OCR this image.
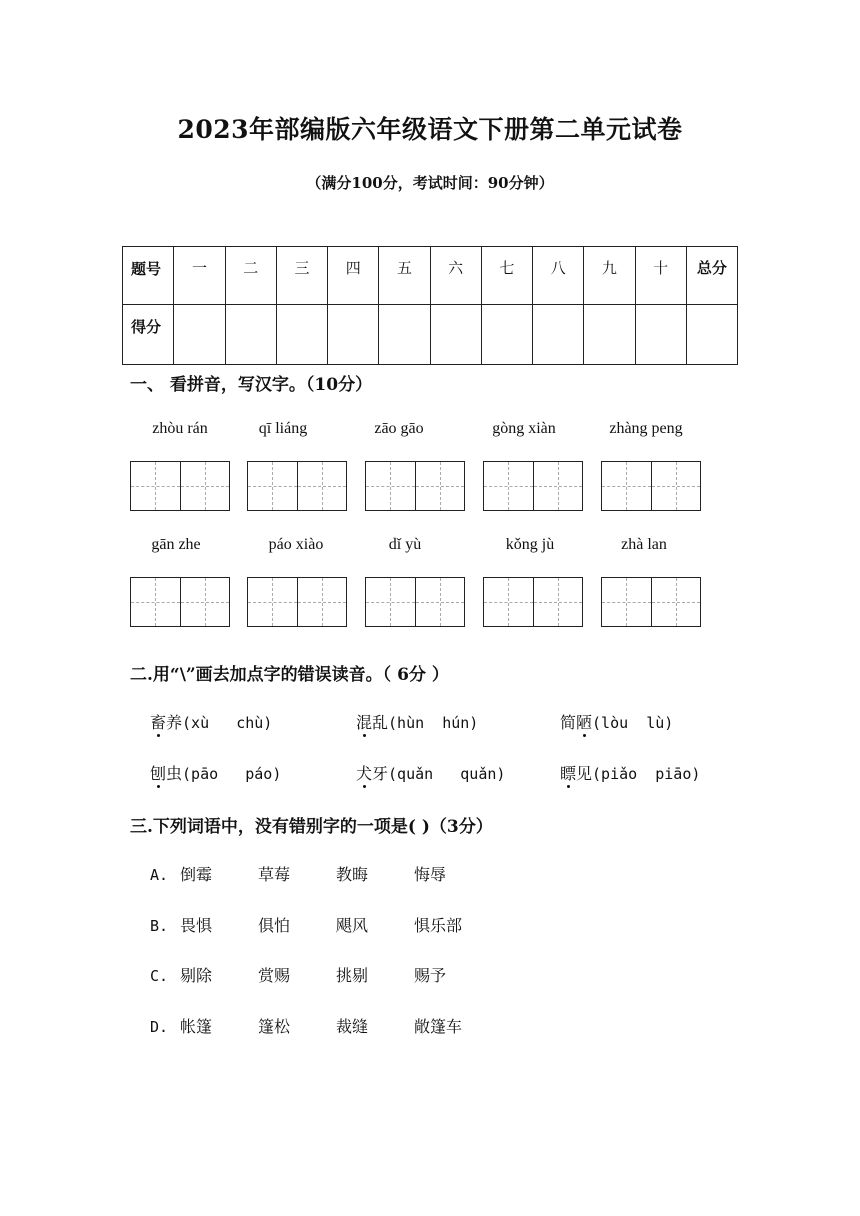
2023年部编版六年级语文下册第二单元试卷
（满分100分，考试时间：90分钟）
题号	一	二	三	四	五	六	七	八	九	十	总分
得分											
一、 看拼音，写汉字。（10分）
zhòu rán	qī liáng	zāo gāo	gòng xiàn	zhàng peng
gān zhe	páo xiào	dǐ yù	kǒng jù	zhà lan
二.用“\”画去加点字的错误读音。（ 6分 ）
畜养(xù   chù)	混乱(hùn  hún)	简陋(lòu  lù)
刨虫(pāo   páo)	犬牙(quǎn   quǎn)	瞟见(piǎo  piāo)
三.下列词语中，没有错别字的一项是( )（3分）
A. 倒霉	草莓	教晦	悔辱
B. 畏惧	俱怕	飓风	惧乐部
C. 剔除	赏赐	挑剔	赐予
D. 帐篷	篷松	裁缝	敞篷车
